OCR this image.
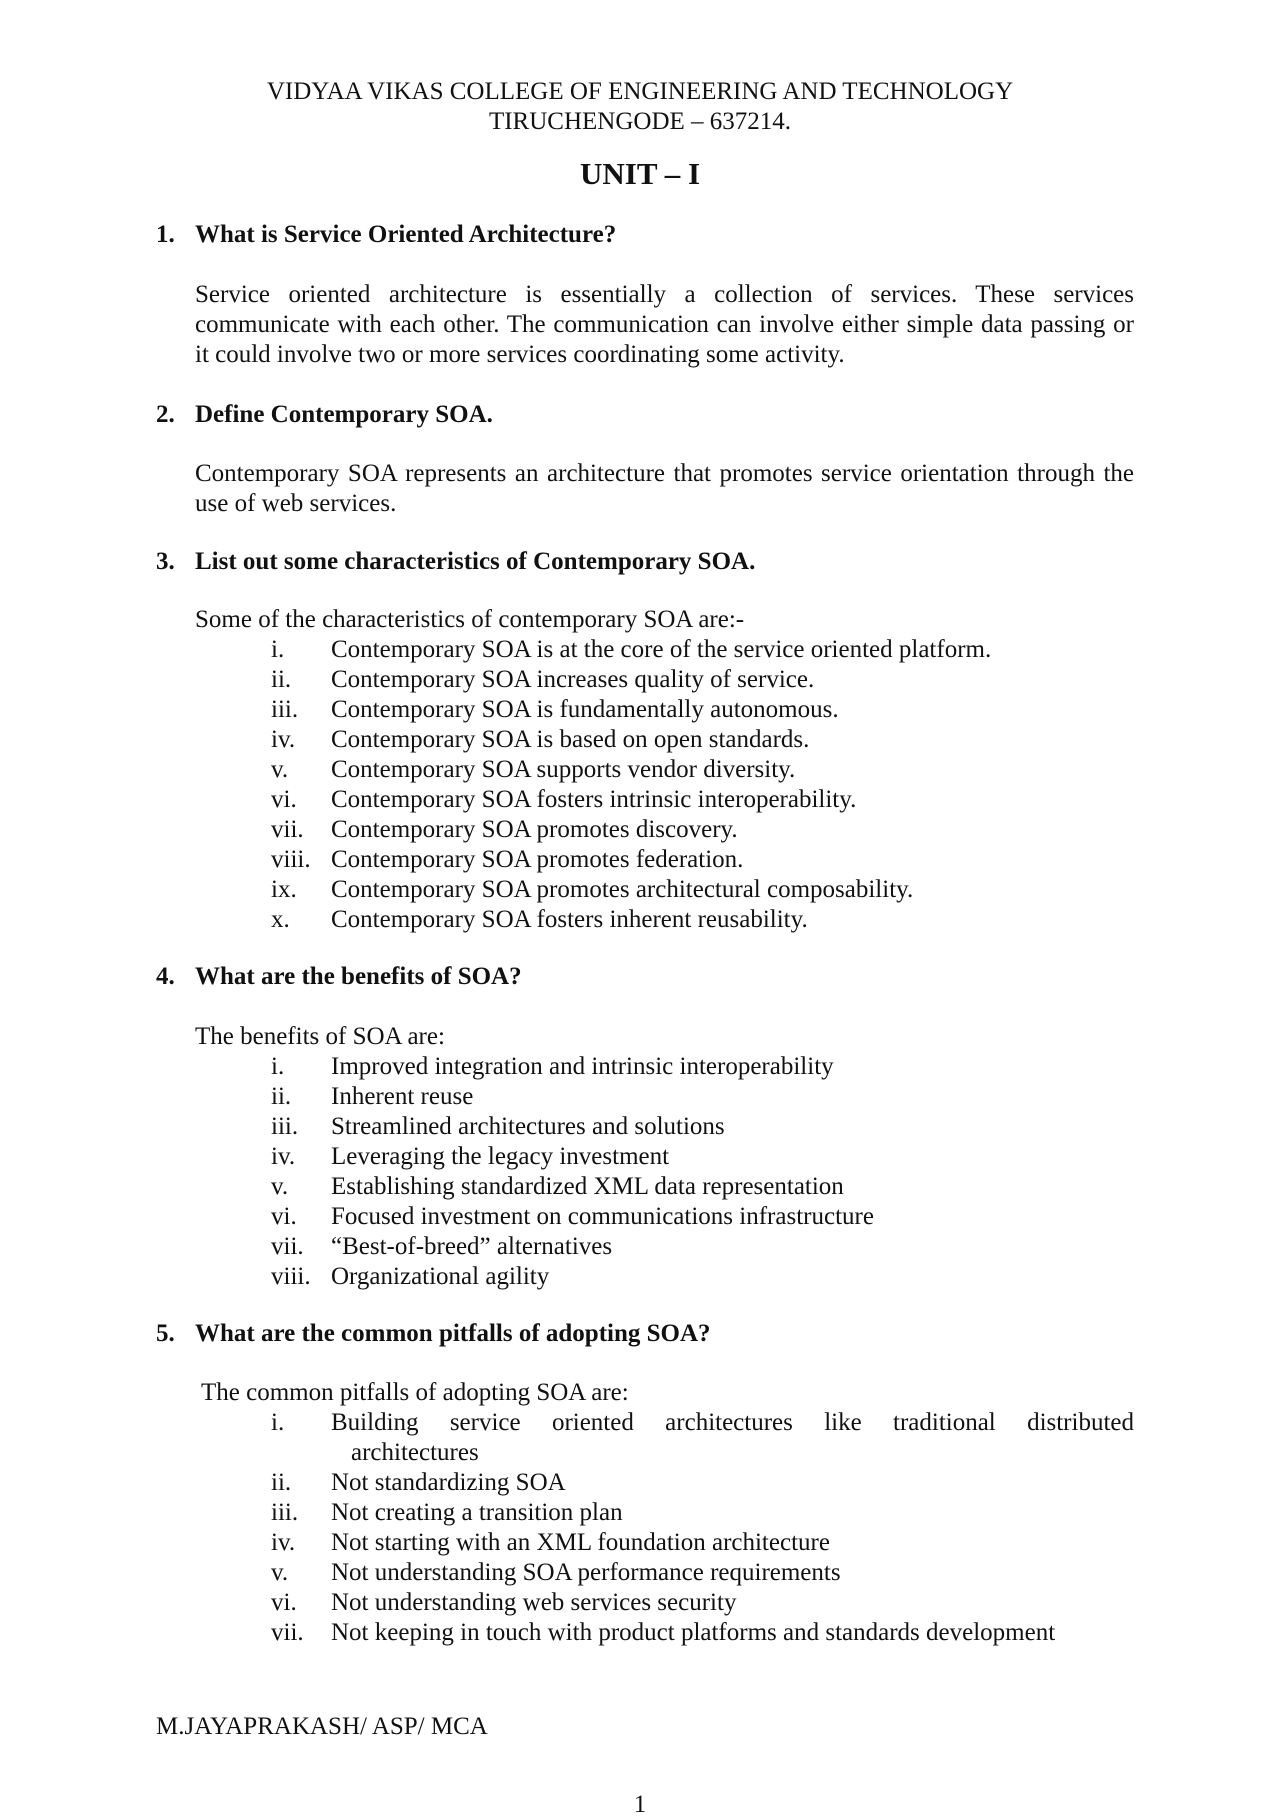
VIDYAA VIKAS COLLEGE OF ENGINEERING AND TECHNOLOGY
TIRUCHENGODE – 637214.
UNIT – I
1. What is Service Oriented Architecture?
Service oriented architecture is essentially a collection of services. These services communicate with each other. The communication can involve either simple data passing or it could involve two or more services coordinating some activity.
2. Define Contemporary SOA.
Contemporary SOA represents an architecture that promotes service orientation through the use of web services.
3. List out some characteristics of Contemporary SOA.
Some of the characteristics of contemporary SOA are:-
i.	Contemporary SOA is at the core of the service oriented platform.
ii.	Contemporary SOA increases quality of service.
iii.	Contemporary SOA is fundamentally autonomous.
iv.	Contemporary SOA is based on open standards.
v.	Contemporary SOA supports vendor diversity.
vi.	Contemporary SOA fosters intrinsic interoperability.
vii.	Contemporary SOA promotes discovery.
viii. Contemporary SOA promotes federation.
ix.	Contemporary SOA promotes architectural composability.
x.	Contemporary SOA fosters inherent reusability.
4. What are the benefits of SOA?
The benefits of SOA are:
i.	Improved integration and intrinsic interoperability
ii.	Inherent reuse
iii.	Streamlined architectures and solutions
iv.	Leveraging the legacy investment
v.	Establishing standardized XML data representation
vi.	Focused investment on communications infrastructure
vii.	“Best-of-breed” alternatives
viii. Organizational agility
5. What are the common pitfalls of adopting SOA?
The common pitfalls of adopting SOA are:
i. Building service oriented architectures like traditional distributed
architectures
ii.	Not standardizing SOA
iii.	Not creating a transition plan
iv.	Not starting with an XML foundation architecture
v.	Not understanding SOA performance requirements
vi.	Not understanding web services security
vii.	Not keeping in touch with product platforms and standards development
M.JAYAPRAKASH/ ASP/ MCA
1
